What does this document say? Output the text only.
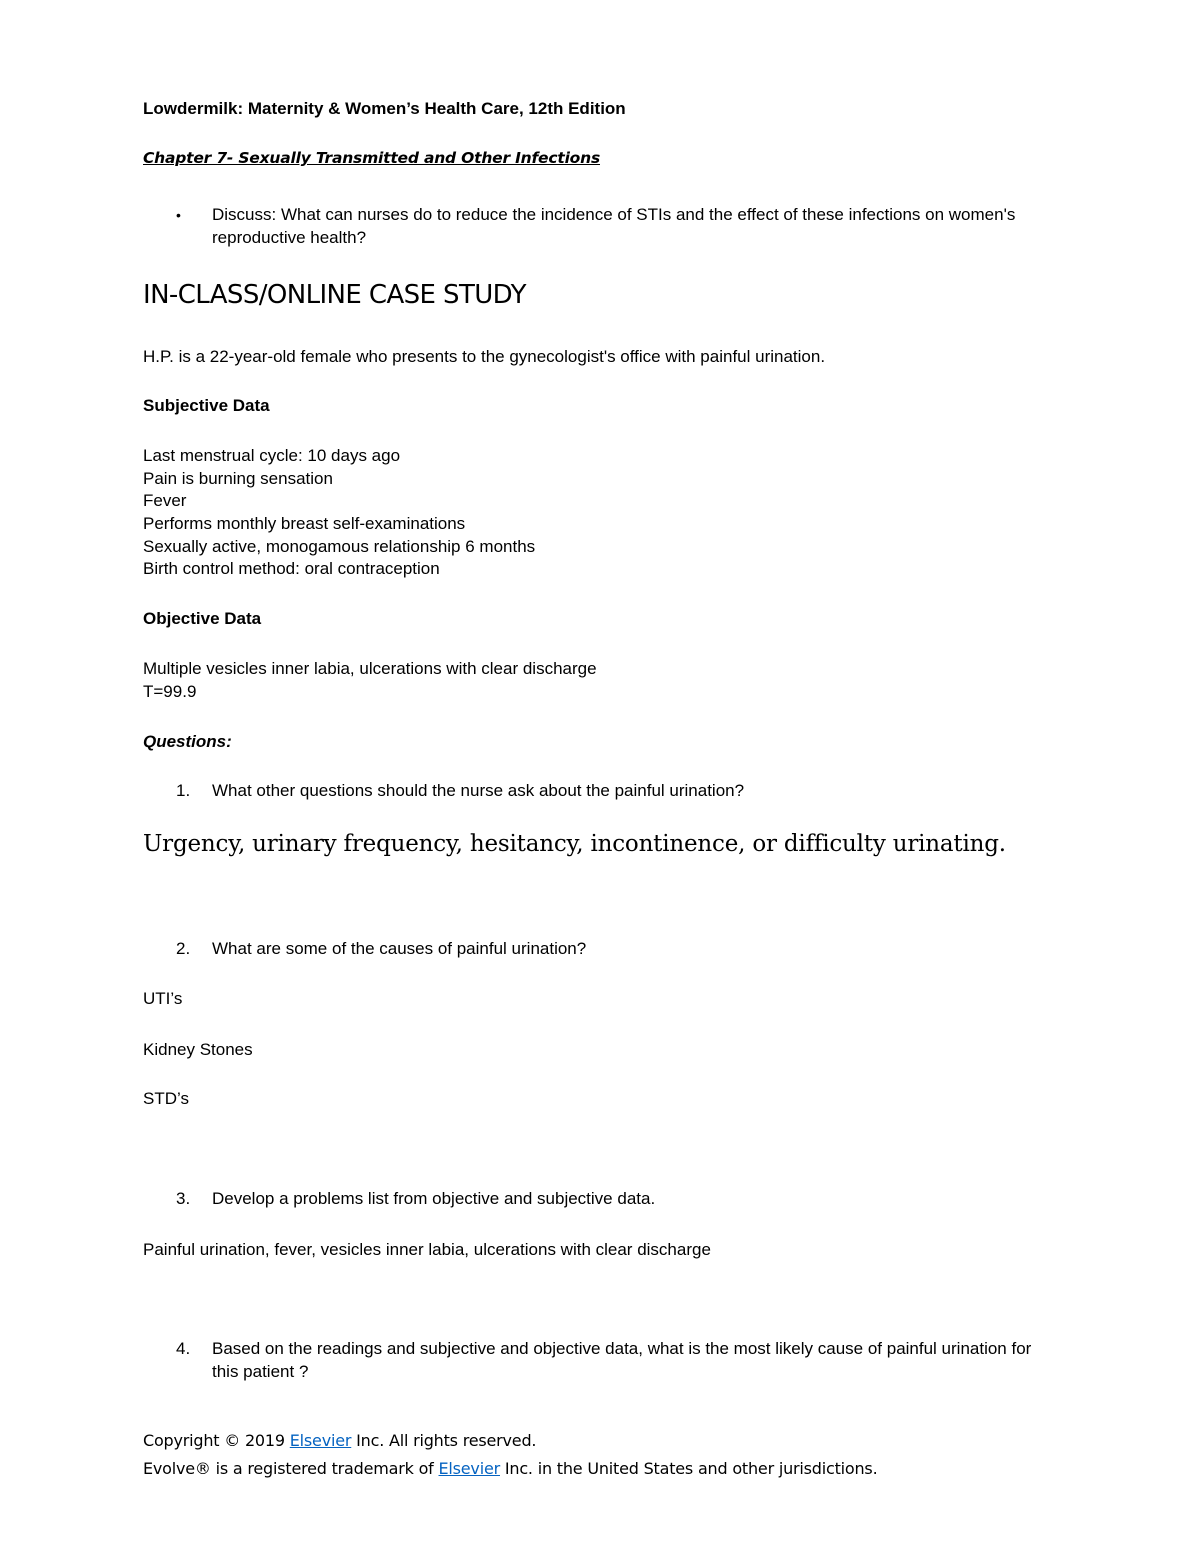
Lowdermilk: Maternity & Women’s Health Care, 12th Edition
Chapter 7- Sexually Transmitted and Other Infections
• Discuss: What can nurses do to reduce the incidence of STIs and the effect of these infections on women's reproductive health?
IN-CLASS/ONLINE CASE STUDY
H.P. is a 22-year-old female who presents to the gynecologist's office with painful urination.
Subjective Data
Last menstrual cycle: 10 days ago
Pain is burning sensation
Fever
Performs monthly breast self-examinations
Sexually active, monogamous relationship 6 months
Birth control method: oral contraception
Objective Data
Multiple vesicles inner labia, ulcerations with clear discharge
T=99.9
Questions:
1. What other questions should the nurse ask about the painful urination?
Urgency, urinary frequency, hesitancy, incontinence, or difficulty urinating.
2. What are some of the causes of painful urination?
UTI’s
Kidney Stones
STD’s
3. Develop a problems list from objective and subjective data.
Painful urination, fever, vesicles inner labia, ulcerations with clear discharge
4. Based on the readings and subjective and objective data, what is the most likely cause of painful urination for this patient ?
Copyright © 2019 Elsevier Inc. All rights reserved.
Evolve® is a registered trademark of Elsevier Inc. in the United States and other jurisdictions.
